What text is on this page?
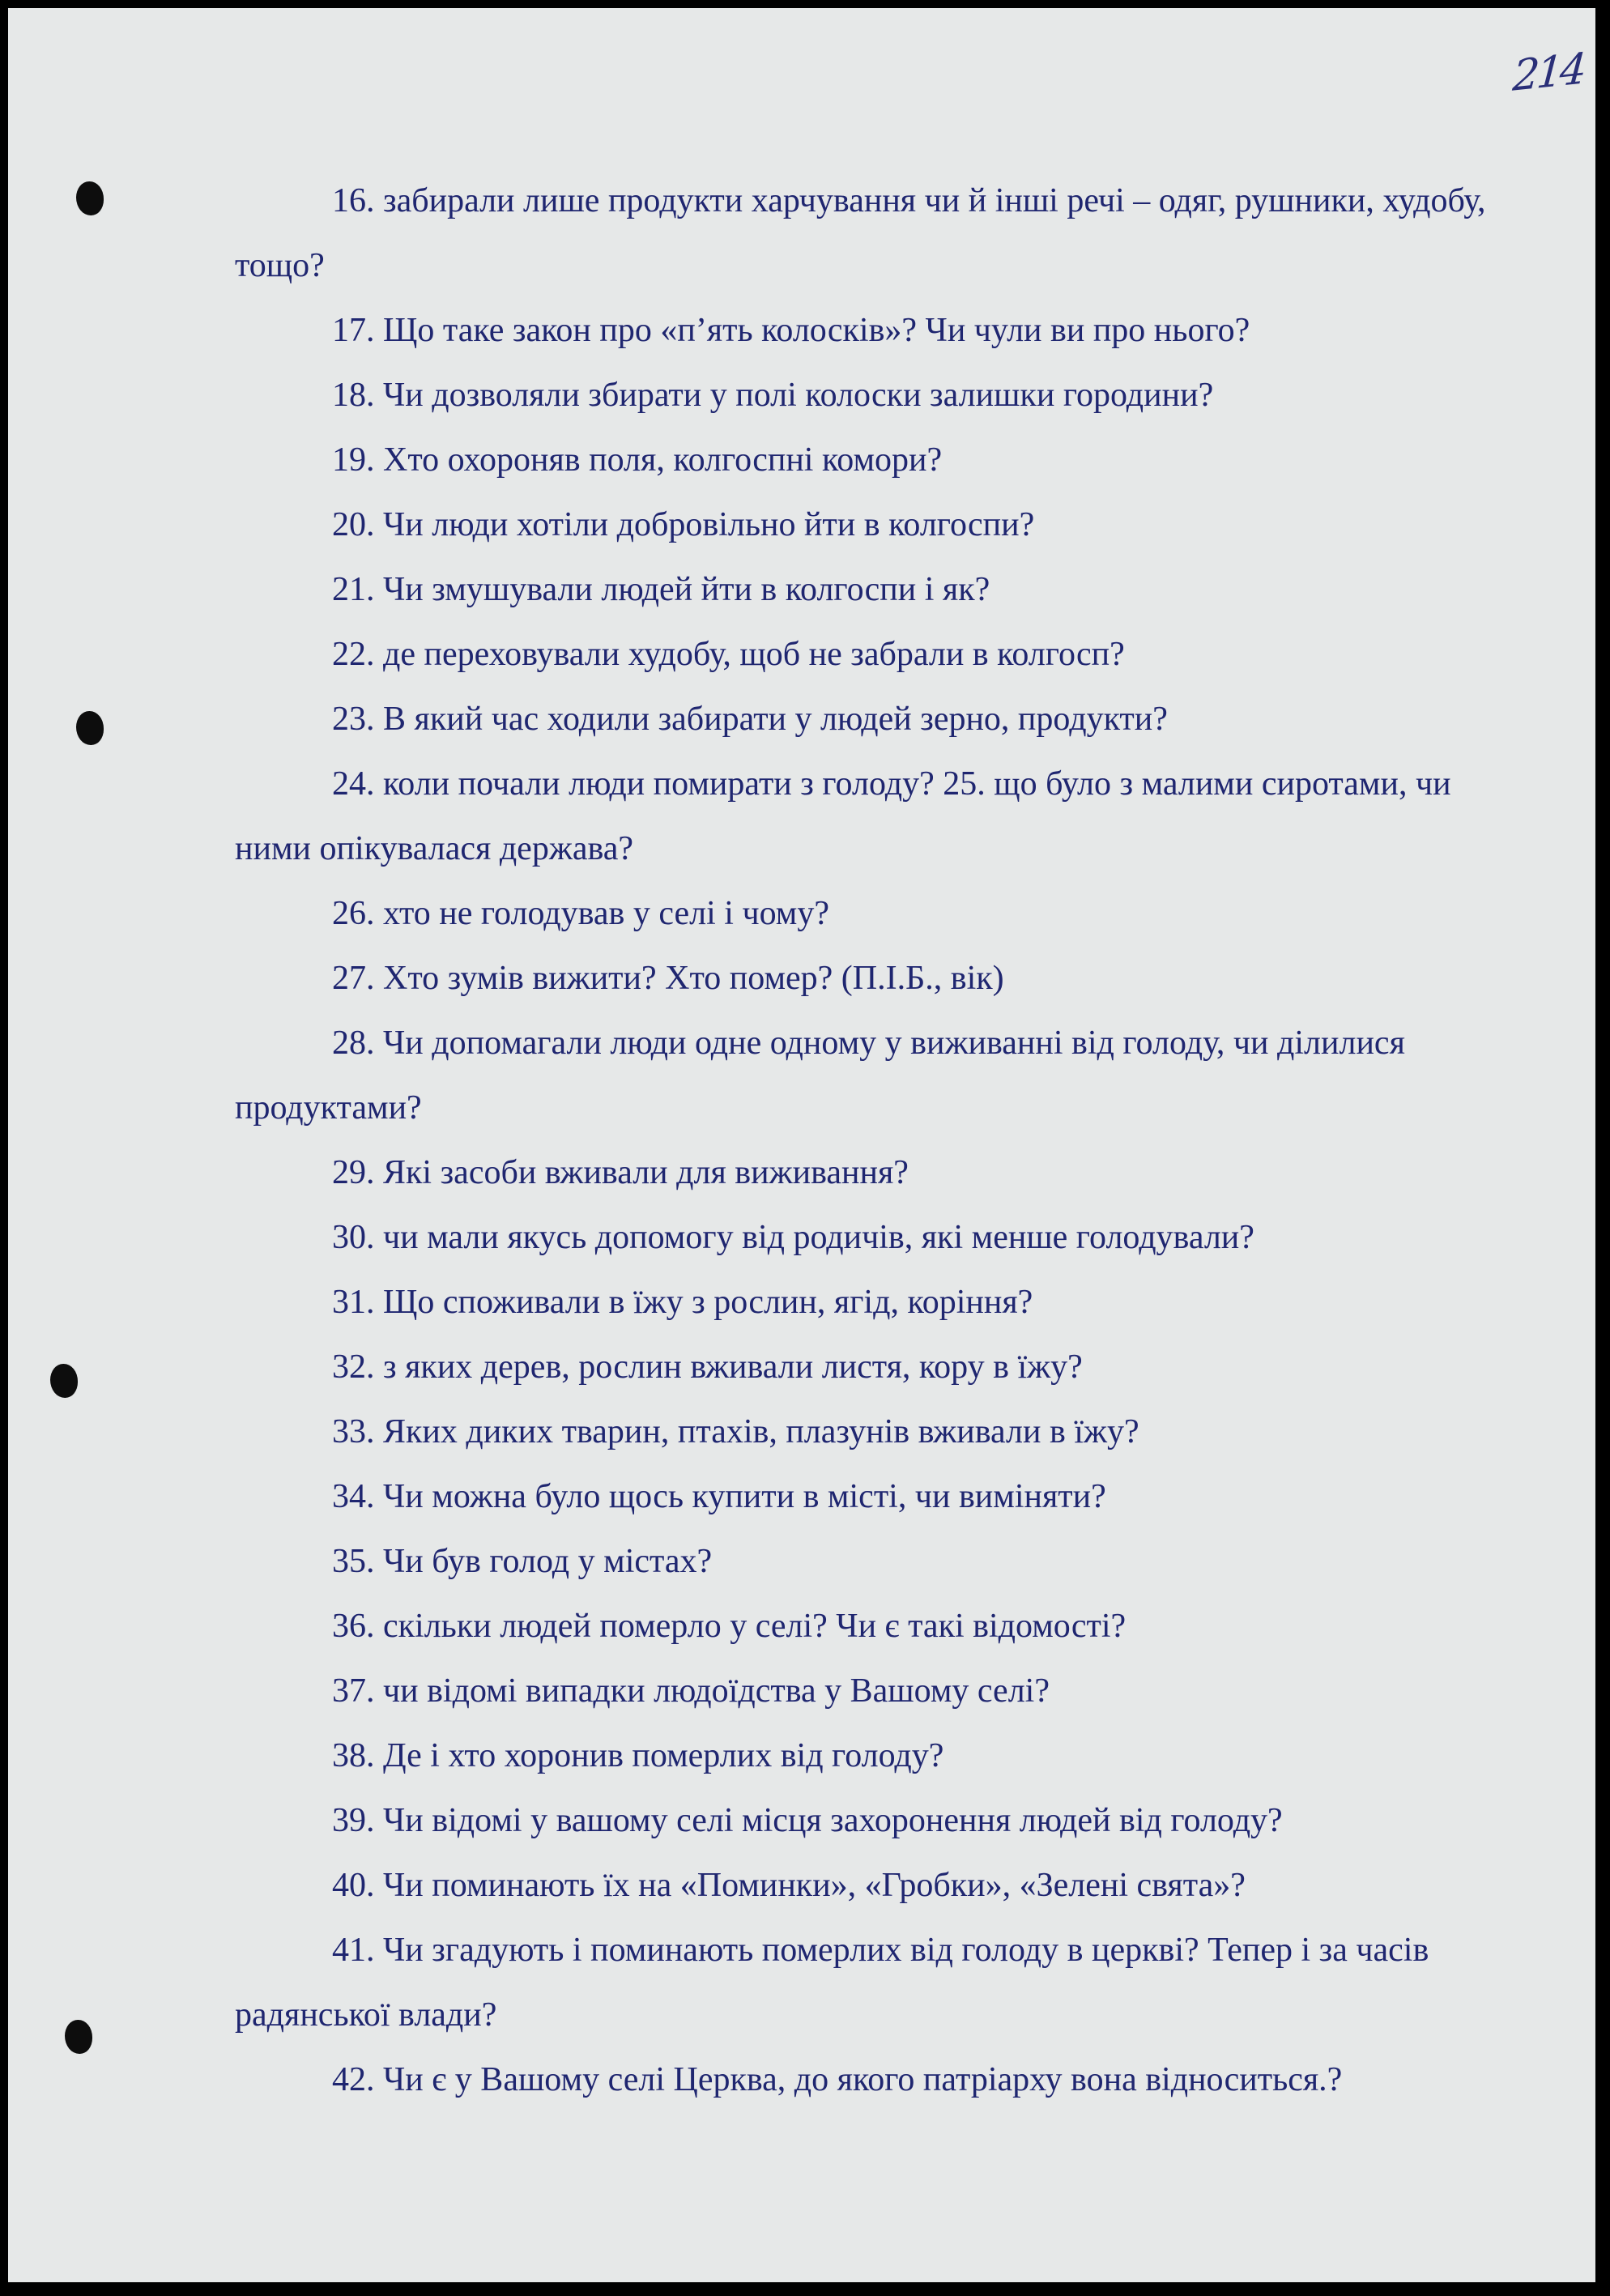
214
16. забирали лише продукти харчування чи й інші речі – одяг, рушники, худобу, тощо?
17. Що таке закон про «п’ять колосків»? Чи чули ви про нього?
18. Чи дозволяли збирати у полі колоски залишки городини?
19. Хто охороняв поля, колгоспні комори?
20. Чи люди хотіли добровільно йти в колгоспи?
21. Чи змушували людей йти в колгоспи і як?
22. де переховували худобу, щоб не забрали в колгосп?
23. В який час ходили забирати у людей зерно, продукти?
24. коли почали люди помирати з голоду? 25. що було з малими сиротами, чи ними опікувалася держава?
26. хто не голодував у селі і чому?
27. Хто зумів вижити? Хто помер? (П.І.Б., вік)
28. Чи допомагали люди одне одному у виживанні від голоду, чи ділилися продуктами?
29. Які засоби вживали для виживання?
30. чи мали якусь допомогу від родичів, які менше голодували?
31. Що споживали в їжу з рослин, ягід, коріння?
32. з яких дерев, рослин вживали листя, кору в їжу?
33. Яких диких тварин, птахів, плазунів вживали в їжу?
34. Чи можна було щось купити в місті, чи виміняти?
35. Чи був голод у містах?
36. скільки людей померло у селі? Чи є такі відомості?
37. чи відомі випадки людоїдства у Вашому селі?
38. Де і хто хоронив померлих від голоду?
39. Чи відомі у вашому селі місця захоронення людей від голоду?
40. Чи поминають їх на «Поминки», «Гробки», «Зелені свята»?
41. Чи згадують і поминають померлих від голоду в церкві? Тепер і за часів радянської влади?
42. Чи є у Вашому селі Церква, до якого патріарху вона відноситься.?
